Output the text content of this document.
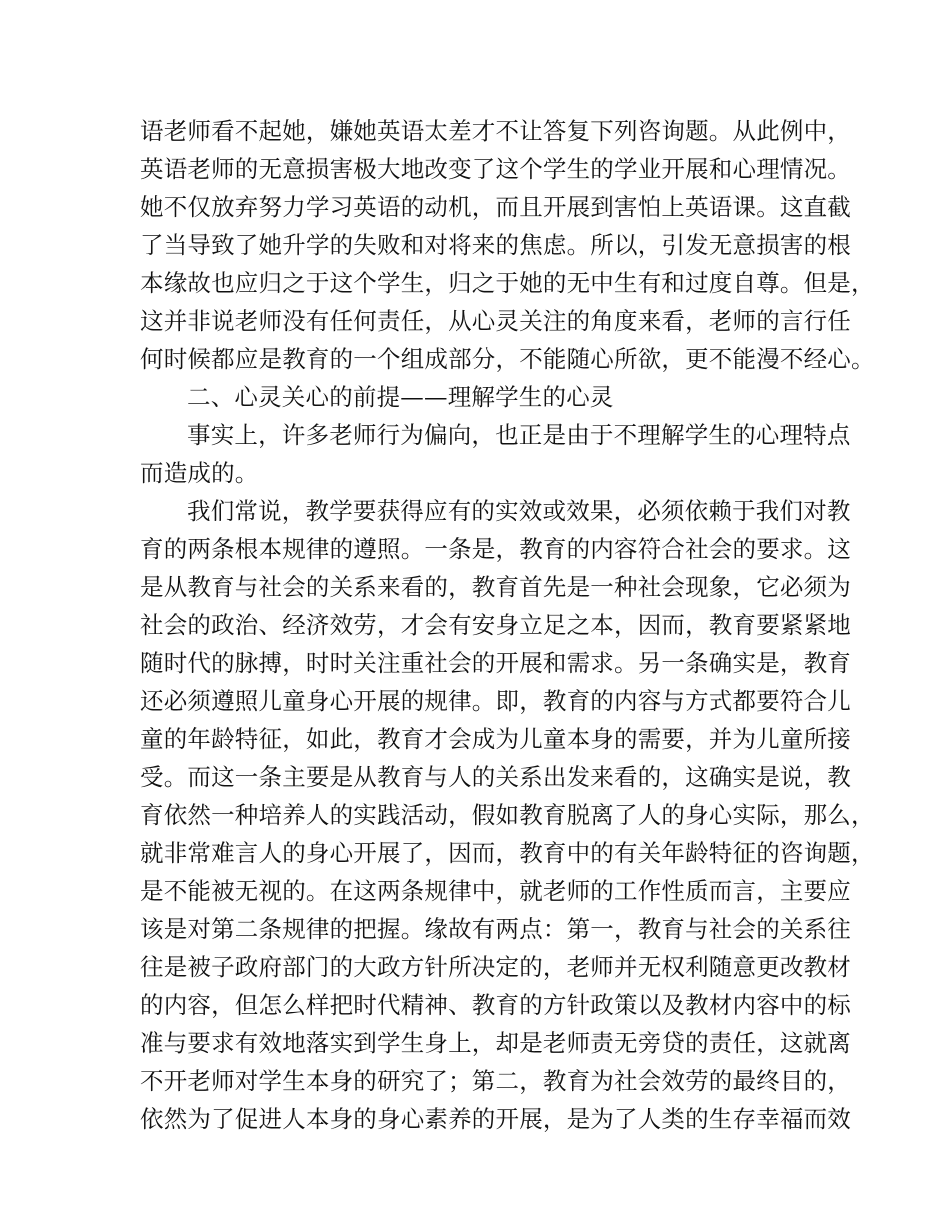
语老师看不起她，嫌她英语太差才不让答复下列咨询题。从此例中，
英语老师的无意损害极大地改变了这个学生的学业开展和心理情况。
她不仅放弃努力学习英语的动机，而且开展到害怕上英语课。这直截
了当导致了她升学的失败和对将来的焦虑。所以，引发无意损害的根
本缘故也应归之于这个学生，归之于她的无中生有和过度自尊。但是，
这并非说老师没有任何责任，从心灵关注的角度来看，老师的言行任
何时候都应是教育的一个组成部分，不能随心所欲，更不能漫不经心。
二、心灵关心的前提——理解学生的心灵
事实上，许多老师行为偏向，也正是由于不理解学生的心理特点
而造成的。
我们常说，教学要获得应有的实效或效果，必须依赖于我们对教
育的两条根本规律的遵照。一条是，教育的内容符合社会的要求。这
是从教育与社会的关系来看的，教育首先是一种社会现象，它必须为
社会的政治、经济效劳，才会有安身立足之本，因而，教育要紧紧地
随时代的脉搏，时时关注重社会的开展和需求。另一条确实是，教育
还必须遵照儿童身心开展的规律。即，教育的内容与方式都要符合儿
童的年龄特征，如此，教育才会成为儿童本身的需要，并为儿童所接
受。而这一条主要是从教育与人的关系出发来看的，这确实是说，教
育依然一种培养人的实践活动，假如教育脱离了人的身心实际，那么，
就非常难言人的身心开展了，因而，教育中的有关年龄特征的咨询题，
是不能被无视的。在这两条规律中，就老师的工作性质而言，主要应
该是对第二条规律的把握。缘故有两点：第一，教育与社会的关系往
往是被子政府部门的大政方针所决定的，老师并无权利随意更改教材
的内容，但怎么样把时代精神、教育的方针政策以及教材内容中的标
准与要求有效地落实到学生身上，却是老师责无旁贷的责任，这就离
不开老师对学生本身的研究了；第二，教育为社会效劳的最终目的，
依然为了促进人本身的身心素养的开展，是为了人类的生存幸福而效
